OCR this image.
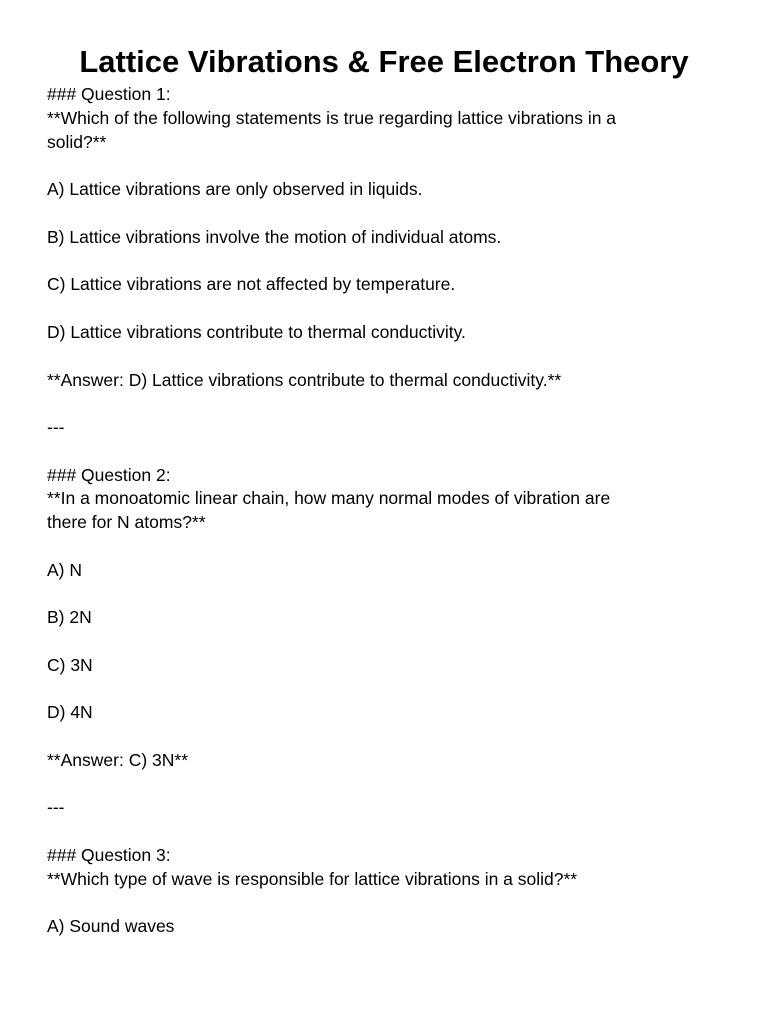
Lattice Vibrations & Free Electron Theory
### Question 1:
**Which of the following statements is true regarding lattice vibrations in a
solid?**
A) Lattice vibrations are only observed in liquids.
B) Lattice vibrations involve the motion of individual atoms.
C) Lattice vibrations are not affected by temperature.
D) Lattice vibrations contribute to thermal conductivity.
**Answer: D) Lattice vibrations contribute to thermal conductivity.**
---
### Question 2:
**In a monoatomic linear chain, how many normal modes of vibration are
there for N atoms?**
A) N
B) 2N
C) 3N
D) 4N
**Answer: C) 3N**
---
### Question 3:
**Which type of wave is responsible for lattice vibrations in a solid?**
A) Sound waves
